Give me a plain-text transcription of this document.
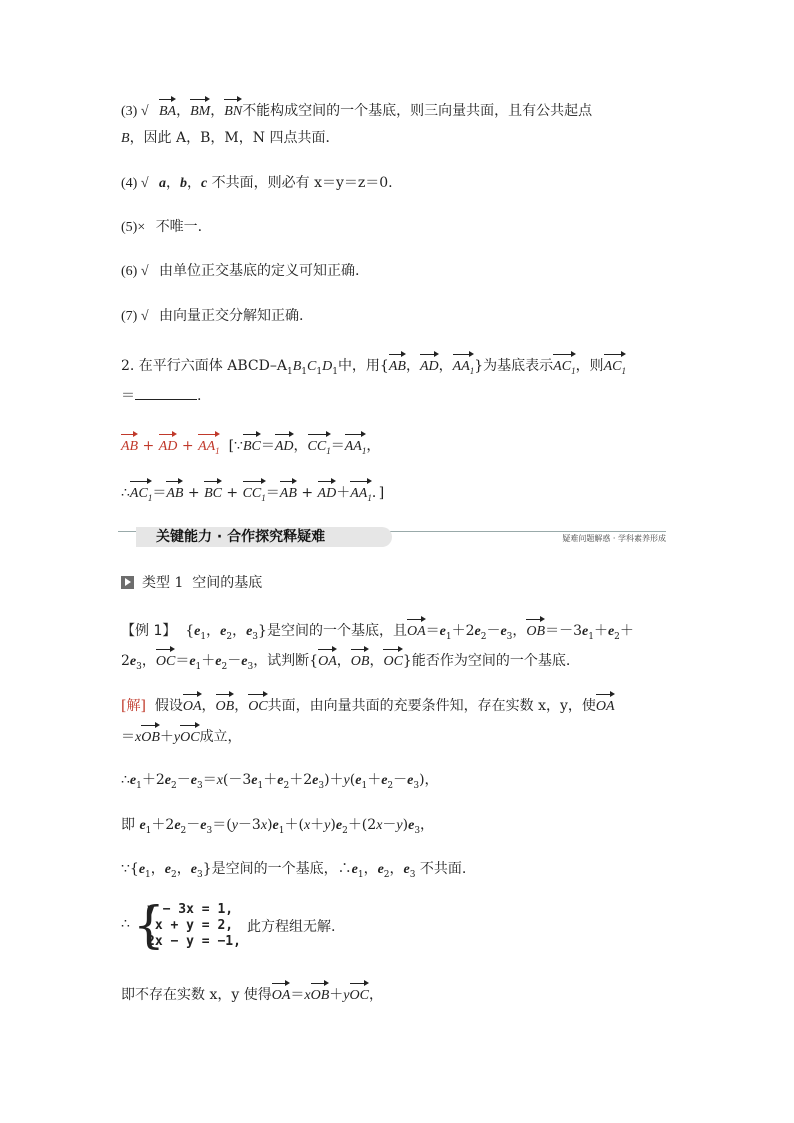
(3) √ BA，BM，BN不能构成空间的一个基底，则三向量共面，且有公共起点
B，因此 A，B，M，N 四点共面．
(4) √ a，b，c 不共面，则必有 x＝y＝z＝0.
(5)× 不唯一.
(6) √ 由单位正交基底的定义可知正确.
(7) √ 由向量正交分解知正确.
2. 在平行六面体 ABCD–$A_1B_1C_1D_1$中，用{AB，AD，$AA_1$}为基底表示$AC_1$，则$AC_1$
＝	.
AB + AD + $AA_1$ [∵BC＝AD，$CC_1=AA_1$，
$\therefore AC_1=AB$ + BC + $CC_1=AB + AD+AA_1$．]
关键能力 · 合作探究释疑难	疑难问题解惑 · 学科素养形成
类型 1 空间的基底
【例 1】  {$e_1$，$e_2$，$e_3$}是空间的一个基底，且$OA=e_1+2e_2-e_3$，$OB=-3e_1+e_2+$
$2e_3$，$OC=e_1+e_2-e_3$，试判断{OA，OB，OC}能否作为空间的一个基底.
[解] 假设OA，OB，OC共面，由向量共面的充要条件知，存在实数 x，y，使OA
＝xOB＋yOC成立，
$\therefore e_1+2e_2-e_3=x(-3e_1+e_2+2e_3)+y(e_1+e_2-e_3)$，
即 $e_1+2e_2-e_3=(y-3x)e_1+(x+y)e_2+(2x-y)e_3$，
$\because\{e_1$，$e_2$，$e_3$}是空间的一个基底，$\therefore e_1$，$e_2$，$e_3$ 不共面.
∴ {
y − 3x = 1,
x + y = 2,
2x − y = −1,
此方程组无解.
即不存在实数 x，y 使得OA＝xOB＋yOC，
